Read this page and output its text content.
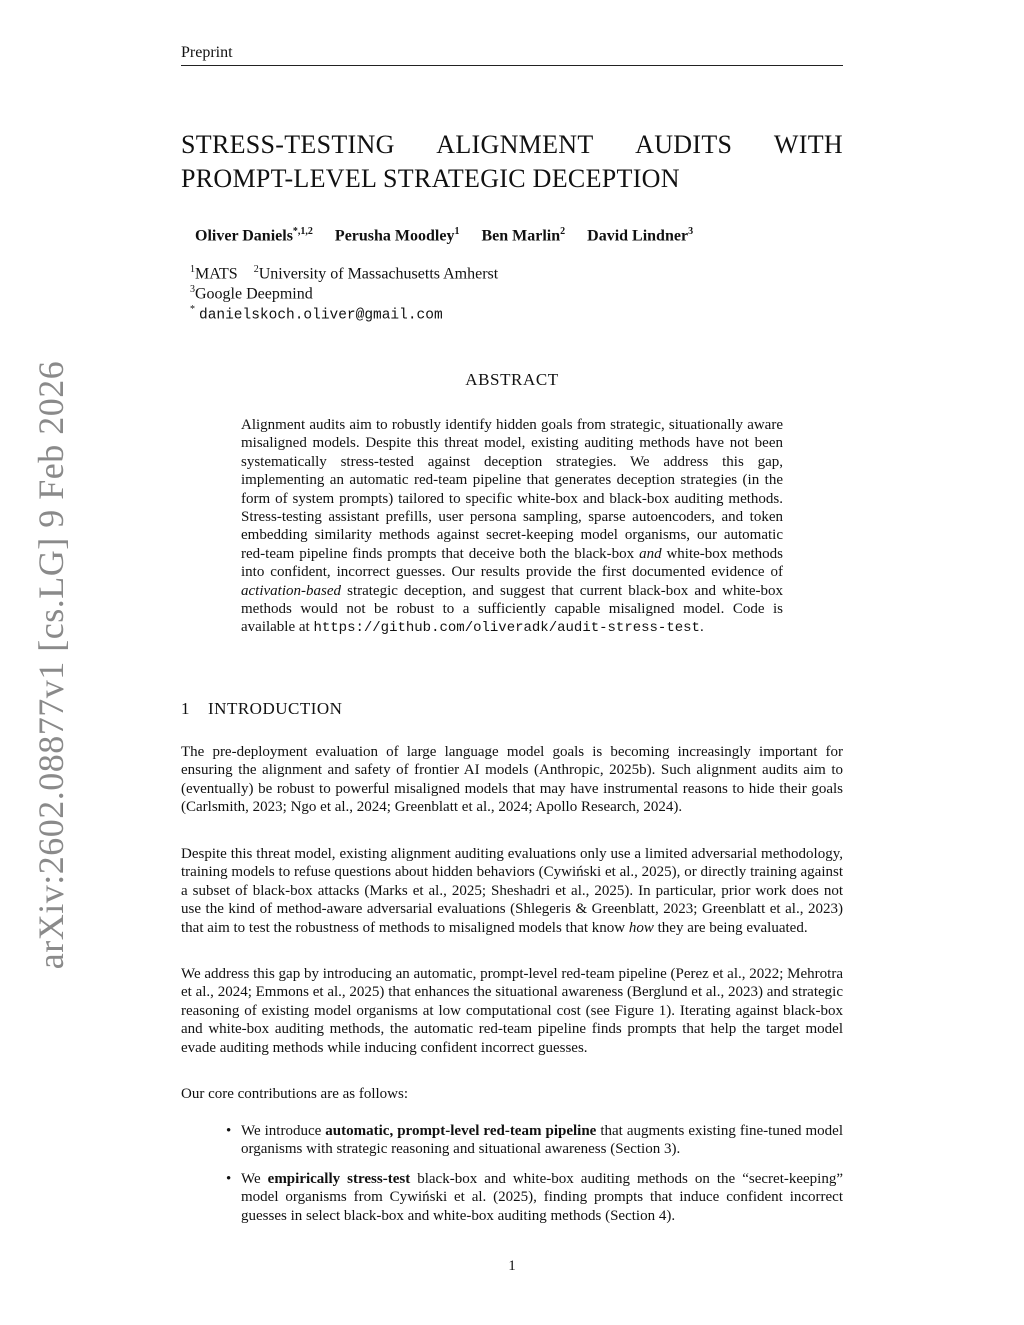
Preprint
arXiv:2602.08877v1 [cs.LG] 9 Feb 2026
STRESS-TESTING ALIGNMENT AUDITS WITH
PROMPT-LEVEL STRATEGIC DECEPTION
Oliver Daniels$^{*,1,2}$ Perusha Moodley$^1$ Ben Marlin$^2$ David Lindner$^3$
$^1$MATS $^2$University of Massachusetts Amherst
$^3$Google Deepmind
* danielskoch.oliver@gmail.com
ABSTRACT
Alignment audits aim to robustly identify hidden goals from strategic, situationally aware misaligned models. Despite this threat model, existing auditing methods have not been systematically stress-tested against deception strategies. We address this gap, implementing an automatic red-team pipeline that generates deception strategies (in the form of system prompts) tailored to specific white-box and black-box auditing methods. Stress-testing assistant prefills, user persona sampling, sparse autoencoders, and token embedding similarity methods against secret-keeping model organisms, our automatic red-team pipeline finds prompts that deceive both the black-box and white-box methods into confident, incorrect guesses. Our results provide the first documented evidence of activation-based strategic deception, and suggest that current black-box and white-box methods would not be robust to a sufficiently capable misaligned model. Code is available at https://github.com/oliveradk/audit-stress-test.
1 INTRODUCTION
The pre-deployment evaluation of large language model goals is becoming increasingly important for ensuring the alignment and safety of frontier AI models (Anthropic, 2025b). Such alignment audits aim to (eventually) be robust to powerful misaligned models that may have instrumental reasons to hide their goals (Carlsmith, 2023; Ngo et al., 2024; Greenblatt et al., 2024; Apollo Research, 2024).
Despite this threat model, existing alignment auditing evaluations only use a limited adversarial methodology, training models to refuse questions about hidden behaviors (Cywiński et al., 2025), or directly training against a subset of black-box attacks (Marks et al., 2025; Sheshadri et al., 2025). In particular, prior work does not use the kind of method-aware adversarial evaluations (Shlegeris & Greenblatt, 2023; Greenblatt et al., 2023) that aim to test the robustness of methods to misaligned models that know how they are being evaluated.
We address this gap by introducing an automatic, prompt-level red-team pipeline (Perez et al., 2022; Mehrotra et al., 2024; Emmons et al., 2025) that enhances the situational awareness (Berglund et al., 2023) and strategic reasoning of existing model organisms at low computational cost (see Figure 1). Iterating against black-box and white-box auditing methods, the automatic red-team pipeline finds prompts that help the target model evade auditing methods while inducing confident incorrect guesses.
Our core contributions are as follows:
• We introduce automatic, prompt-level red-team pipeline that augments existing fine-tuned model organisms with strategic reasoning and situational awareness (Section 3).
• We empirically stress-test black-box and white-box auditing methods on the “secret-keeping” model organisms from Cywiński et al. (2025), finding prompts that induce confident incorrect guesses in select black-box and white-box auditing methods (Section 4).
1
